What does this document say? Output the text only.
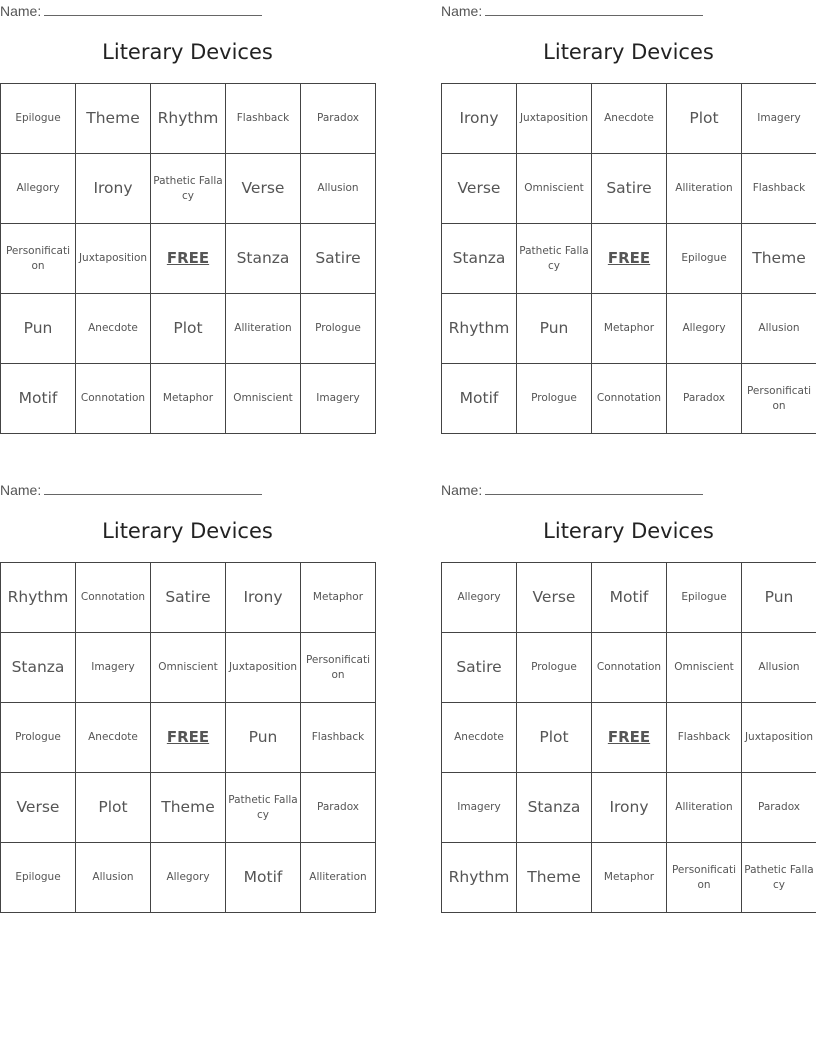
Name:
Literary Devices
Epilogue	Theme	Rhythm	Flashback	Paradox
Allegory	Irony	Pathetic Fallacy	Verse	Allusion
Personification	Juxtaposition	FREE	Stanza	Satire
Pun	Anecdote	Plot	Alliteration	Prologue
Motif	Connotation	Metaphor	Omniscient	Imagery
Name:
Literary Devices
Irony	Juxtaposition	Anecdote	Plot	Imagery
Verse	Omniscient	Satire	Alliteration	Flashback
Stanza	Pathetic Fallacy	FREE	Epilogue	Theme
Rhythm	Pun	Metaphor	Allegory	Allusion
Motif	Prologue	Connotation	Paradox	Personification
Name:
Literary Devices
Rhythm	Connotation	Satire	Irony	Metaphor
Stanza	Imagery	Omniscient	Juxtaposition	Personification
Prologue	Anecdote	FREE	Pun	Flashback
Verse	Plot	Theme	Pathetic Fallacy	Paradox
Epilogue	Allusion	Allegory	Motif	Alliteration
Name:
Literary Devices
Allegory	Verse	Motif	Epilogue	Pun
Satire	Prologue	Connotation	Omniscient	Allusion
Anecdote	Plot	FREE	Flashback	Juxtaposition
Imagery	Stanza	Irony	Alliteration	Paradox
Rhythm	Theme	Metaphor	Personification	Pathetic Fallacy
